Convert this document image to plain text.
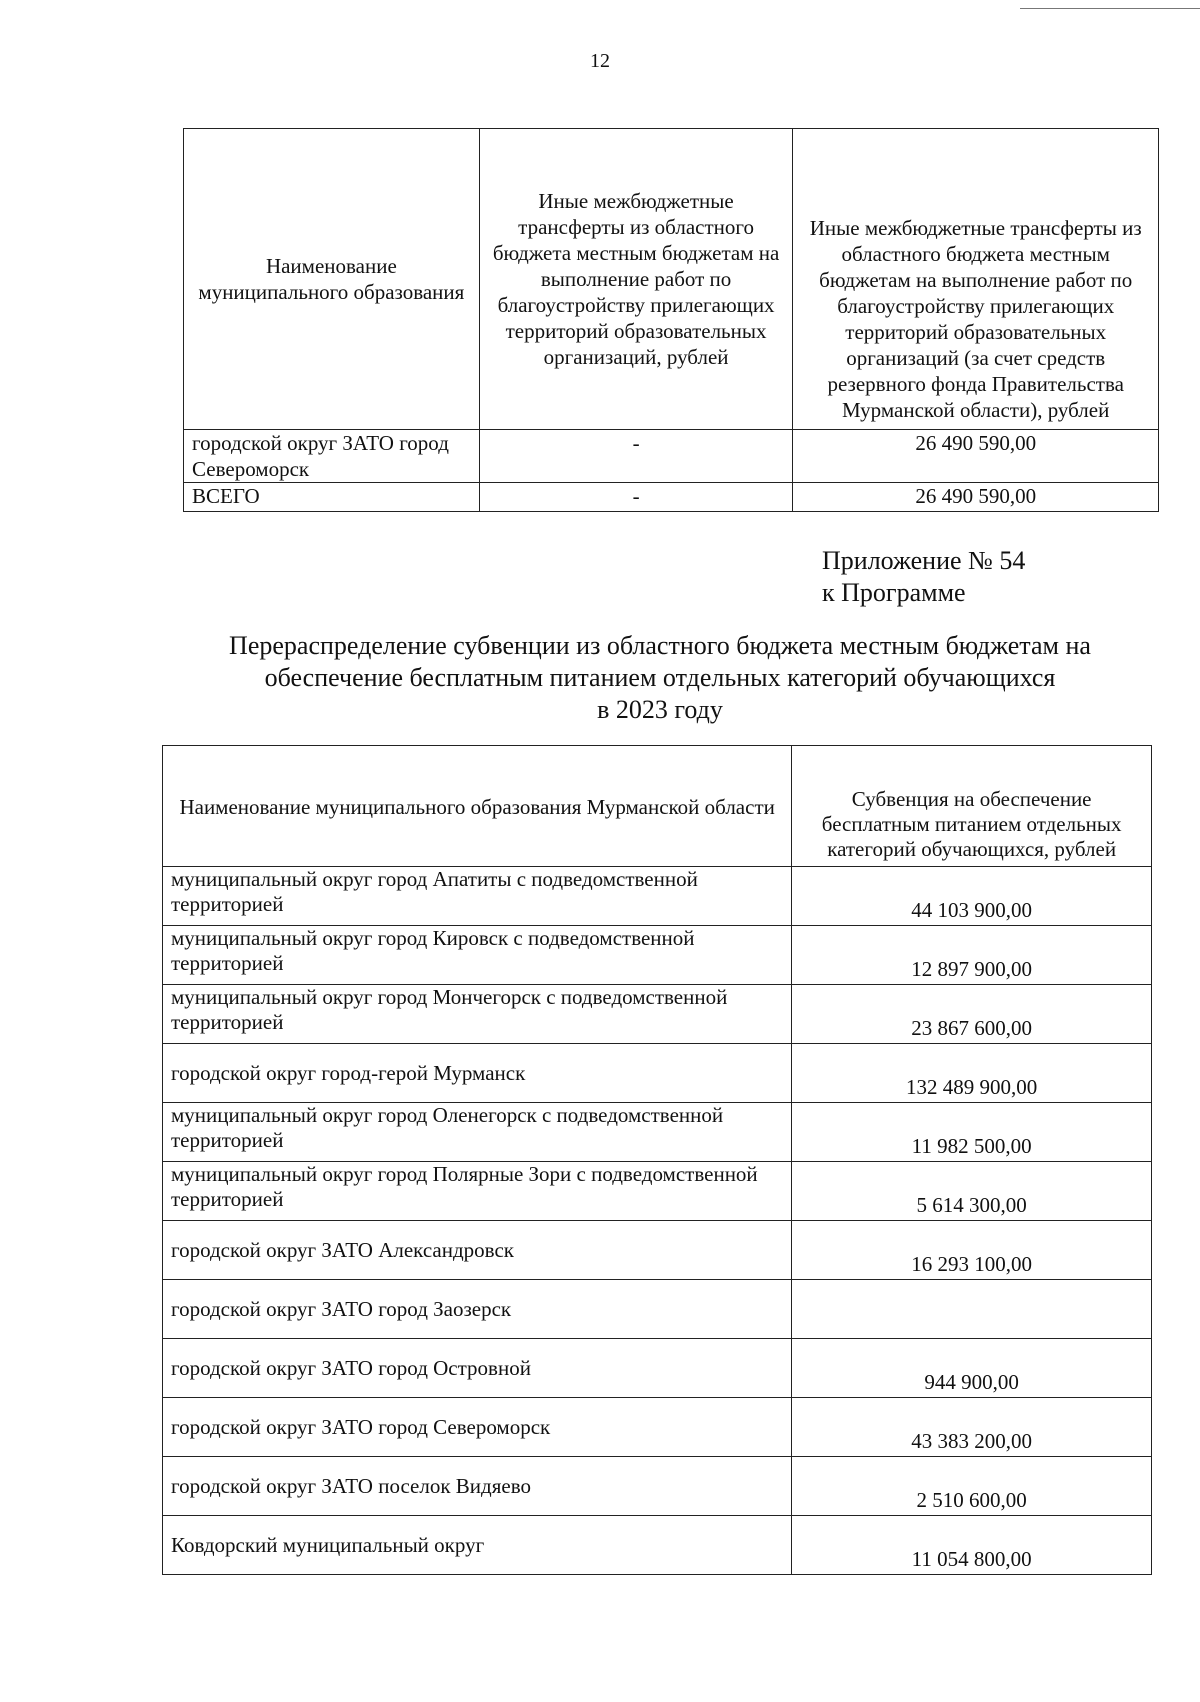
12
Наименование муниципального образования	Иные межбюджетные трансферты из областного бюджета местным бюджетам на выполнение работ по благоустройству прилегающих территорий образовательных организаций, рублей	Иные межбюджетные трансферты из областного бюджета местным бюджетам на выполнение работ по благоустройству прилегающих территорий образовательных организаций (за счет средств резервного фонда Правительства Мурманской области), рублей
городской округ ЗАТО город Североморск	-	26 490 590,00
ВСЕГО	-	26 490 590,00
Приложение № 54
к Программе
Перераспределение субвенции из областного бюджета местным бюджетам на
обеспечение бесплатным питанием отдельных категорий обучающихся
в 2023 году
Наименование муниципального образования Мурманской области	Субвенция на обеспечение бесплатным питанием отдельных категорий обучающихся, рублей
муниципальный округ город Апатиты с подведомственной территорией	44 103 900,00
муниципальный округ город Кировск с подведомственной территорией	12 897 900,00
муниципальный округ город Мончегорск с подведомственной территорией	23 867 600,00
городской округ город-герой Мурманск	132 489 900,00
муниципальный округ город Оленегорск с подведомственной территорией	11 982 500,00
муниципальный округ город Полярные Зори с подведомственной территорией	5 614 300,00
городской округ ЗАТО Александровск	16 293 100,00
городской округ ЗАТО город Заозерск	
городской округ ЗАТО город Островной	944 900,00
городской округ ЗАТО город Североморск	43 383 200,00
городской округ ЗАТО поселок Видяево	2 510 600,00
Ковдорский муниципальный округ	11 054 800,00
